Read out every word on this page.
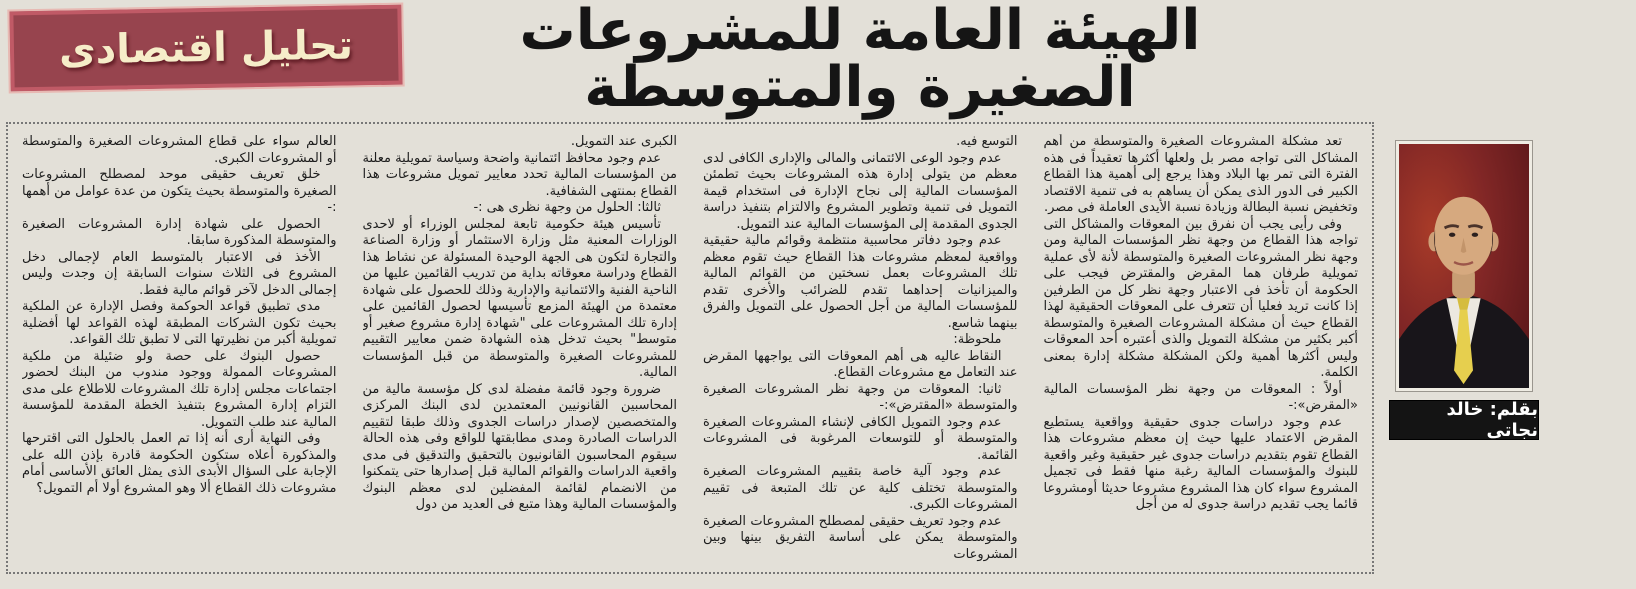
تحليل اقتصادى	الهيئة العامة للمشروعات الصغيرة والمتوسطة

تعد مشكلة المشروعات الصغيرة والمتوسطة من أهم المشاكل التى تواجه مصر بل ولعلها أكثرها تعقيداً فى هذه الفترة التى تمر بها البلاد وهذا يرجع إلى أهمية هذا القطاع الكبير فى الدور الذى يمكن أن يساهم به فى تنمية الاقتصاد وتخفيض نسبة البطالة وزيادة نسبة الأيدى العاملة فى مصر.

وفى رأيى يجب أن نفرق بين المعوقات والمشاكل التى تواجه هذا القطاع من وجهة نظر المؤسسات المالية ومن وجهة نظر المشروعات الصغيرة والمتوسطة لأنة لأى عملية تمويلية طرفان هما المقرض والمقترض فيجب على الحكومة أن تأخذ فى الاعتبار وجهة نظر كل من الطرفين إذا كانت تريد فعليا أن تتعرف على المعوقات الحقيقية لهذا القطاع حيث أن مشكلة المشروعات الصغيرة والمتوسطة أكبر بكثير من مشكلة التمويل والذى أعتبره أحد المعوقات وليس أكثرها أهمية ولكن المشكلة مشكلة إدارة بمعنى الكلمة.

أولاً : المعوقات من وجهة نظر المؤسسات المالية «المقرض»:-

عدم وجود دراسات جدوى حقيقية وواقعية يستطيع المقرض الاعتماد عليها حيث إن معظم مشروعات هذا القطاع تقوم بتقديم دراسات جدوى غير حقيقية وغير واقعية للبنوك والمؤسسات المالية رغبة منها فقط فى تجميل المشروع سواء كان هذا المشروع مشروعا حديثا أومشروعا قائما يجب تقديم دراسة جدوى له من أجل

التوسع فيه.

عدم وجود الوعى الائتمانى والمالى والإدارى الكافى لدى معظم من يتولى إدارة هذه المشروعات بحيث تطمئن المؤسسات المالية إلى نجاح الإدارة فى استخدام قيمة التمويل فى تنمية وتطوير المشروع والالتزام بتنفيذ دراسة الجدوى المقدمة إلى المؤسسات المالية عند التمويل.

عدم وجود دفاتر محاسبية منتظمة وقوائم مالية حقيقية وواقعية لمعظم مشروعات هذا القطاع حيث تقوم معظم تلك المشروعات بعمل نسختين من القوائم المالية والميزانيات إحداهما تقدم للضرائب والأخرى تقدم للمؤسسات المالية من أجل الحصول على التمويل والفرق بينهما شاسع.

ملحوظة:

النقاط عاليه هى أهم المعوقات التى يواجهها المقرض عند التعامل مع مشروعات القطاع.

ثانيا: المعوقات من وجهة نظر المشروعات الصغيرة والمتوسطة «المقترض»:-

عدم وجود التمويل الكافى لإنشاء المشروعات الصغيرة والمتوسطة أو للتوسعات المرغوبة فى المشروعات القائمة.

عدم وجود آلية خاصة بتقييم المشروعات الصغيرة والمتوسطة تختلف كلية عن تلك المتبعة فى تقييم المشروعات الكبرى.

عدم وجود تعريف حقيقى لمصطلح المشروعات الصغيرة والمتوسطة يمكن على أساسة التفريق بينها وبين المشروعات

الكبرى عند التمويل.

عدم وجود محافظ ائتمانية واضحة وسياسة تمويلية معلنة من المؤسسات المالية تحدد معايير تمويل مشروعات هذا القطاع بمنتهى الشفافية.

ثالثا: الحلول من وجهة نظرى هى :-

تأسيس هيئة حكومية تابعة لمجلس الوزراء أو لاحدى الوزارات المعنية مثل وزارة الاستثمار أو وزارة الصناعة والتجارة لتكون هى الجهة الوحيدة المسئولة عن نشاط هذا القطاع ودراسة معوقاته بداية من تدريب القائمين عليها من الناحية الفنية والائتمانية والإدارية وذلك للحصول على شهادة معتمدة من الهيئة المزمع تأسيسها لحصول القائمين على إدارة تلك المشروعات على "شهادة إدارة مشروع صغير أو متوسط" بحيث تدخل هذه الشهادة ضمن معايير التقييم للمشروعات الصغيرة والمتوسطة من قبل المؤسسات المالية.

ضرورة وجود قائمة مفضلة لدى كل مؤسسة مالية من المحاسبين القانونيين المعتمدين لدى البنك المركزى والمتخصصين لإصدار دراسات الجدوى وذلك طبقا لتقييم الدراسات الصادرة ومدى مطابقتها للواقع وفى هذه الحالة سيقوم المحاسبون القانونيون بالتحقيق والتدقيق فى مدى واقعية الدراسات والقوائم المالية قبل إصدارها حتى يتمكنوا من الانضمام لقائمة المفضلين لدى معظم البنوك والمؤسسات المالية وهذا متبع فى العديد من دول

العالم سواء على قطاع المشروعات الصغيرة والمتوسطة أو المشروعات الكبرى.

خلق تعريف حقيقى موحد لمصطلح المشروعات الصغيرة والمتوسطة بحيث يتكون من عدة عوامل من أهمها :-

الحصول على شهادة إدارة المشروعات الصغيرة والمتوسطة المذكورة سابقا.

الأخذ فى الاعتبار بالمتوسط العام لإجمالى دخل المشروع فى الثلاث سنوات السابقة إن وجدت وليس إجمالى الدخل لآخر قوائم مالية فقط.

مدى تطبيق قواعد الحوكمة وفصل الإدارة عن الملكية بحيث تكون الشركات المطبقة لهذه القواعد لها أفضلية تمويلية أكبر من نظيرتها التى لا تطبق تلك القواعد.

حصول البنوك على حصة ولو ضئيلة من ملكية المشروعات الممولة ووجود مندوب من البنك لحضور اجتماعات مجلس إدارة تلك المشروعات للاطلاع على مدى التزام إدارة المشروع بتنفيذ الخطة المقدمة للمؤسسة المالية عند طلب التمويل.

وفى النهاية أرى أنه إذا تم العمل بالحلول التى اقترحها والمذكورة أعلاه ستكون الحكومة قادرة بإذن الله على الإجابة على السؤال الأبدى الذى يمثل العائق الأساسى أمام مشروعات ذلك القطاع ألا وهو المشروع أولا أم التمويل؟

بقلم: خالد نجاتى
